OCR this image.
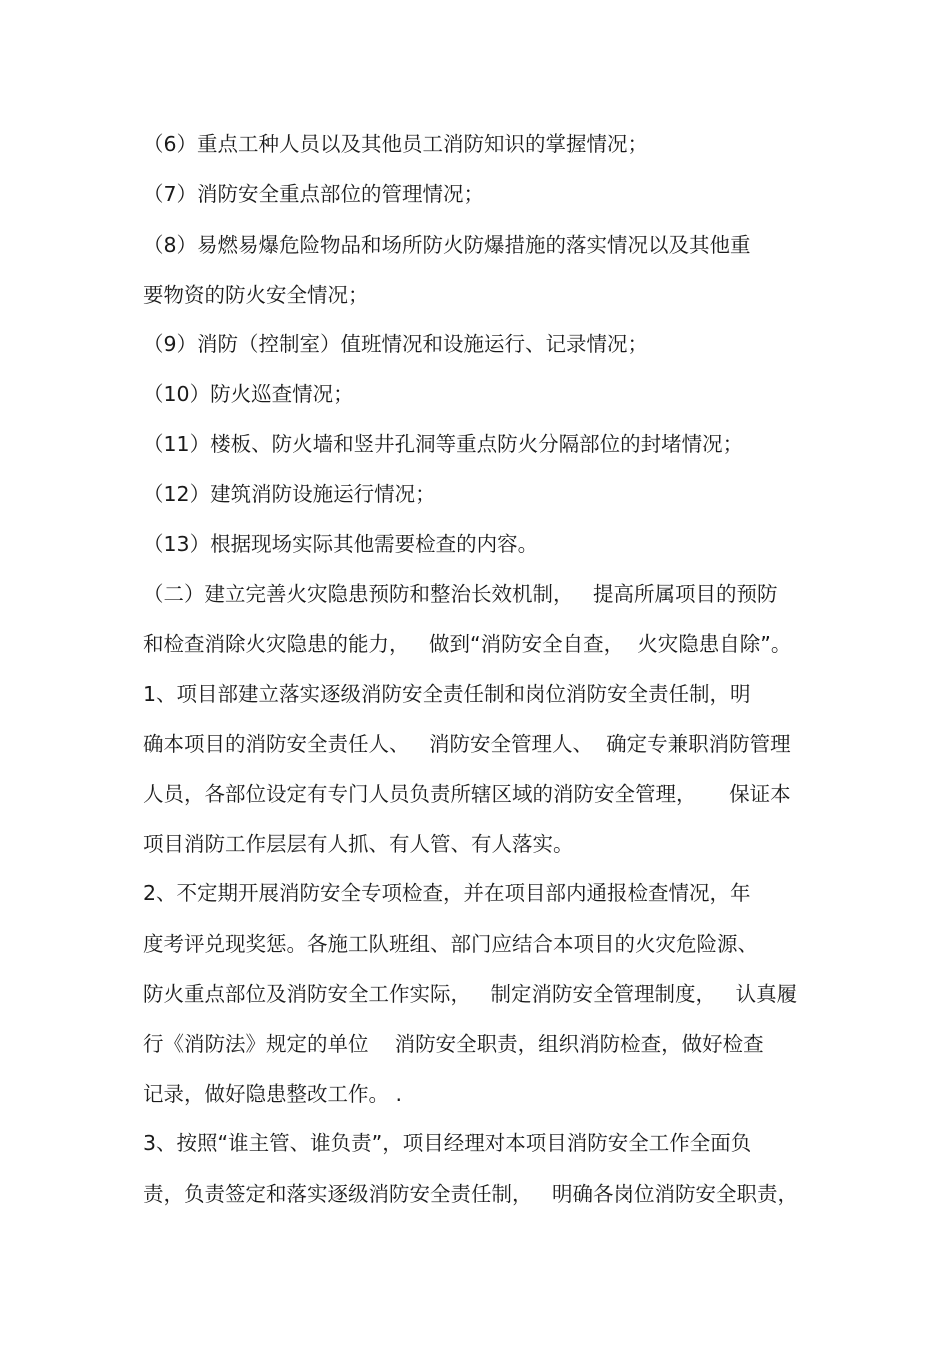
（6）重点工种人员以及其他员工消防知识的掌握情况；
（7）消防安全重点部位的管理情况；
（8）易燃易爆危险物品和场所防火防爆措施的落实情况以及其他重
要物资的防火安全情况；
（9）消防（控制室）值班情况和设施运行、记录情况；
（10）防火巡查情况；
（11）楼板、防火墙和竖井孔洞等重点防火分隔部位的封堵情况；
（12）建筑消防设施运行情况；
（13）根据现场实际其他需要检查的内容。
（二）建立完善火灾隐患预防和整治长效机制，   提高所属项目的预防
和检查消除火灾隐患的能力，   做到“消防安全自查，  火灾隐患自除”。
1、项目部建立落实逐级消防安全责任制和岗位消防安全责任制，明
确本项目的消防安全责任人、   消防安全管理人、  确定专兼职消防管理
人员，各部位设定有专门人员负责所辖区域的消防安全管理，     保证本
项目消防工作层层有人抓、有人管、有人落实。
2、不定期开展消防安全专项检查，并在项目部内通报检查情况，年
度考评兑现奖惩。各施工队班组、部门应结合本项目的火灾危险源、
防火重点部位及消防安全工作实际，   制定消防安全管理制度，   认真履
行《消防法》规定的单位    消防安全职责，组织消防检查，做好检查
记录，做好隐患整改工作。 .
3、按照“谁主管、谁负责”，项目经理对本项目消防安全工作全面负
责，负责签定和落实逐级消防安全责任制，   明确各岗位消防安全职责，
